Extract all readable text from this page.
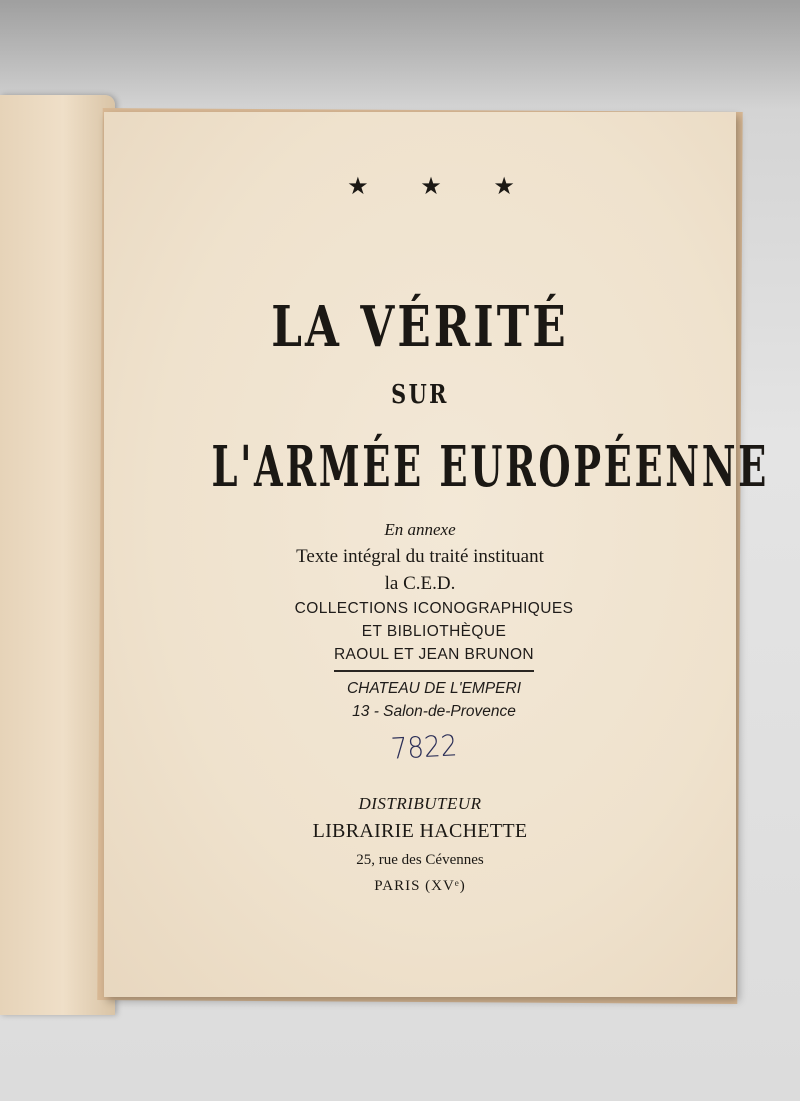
★ ★ ★
LA VÉRITÉ
SUR
L'ARMÉE EUROPÉENNE
En annexe
Texte intégral du traité instituant
la C.E.D.
COLLECTIONS ICONOGRAPHIQUES
ET BIBLIOTHÈQUE
RAOUL ET JEAN BRUNON
CHATEAU DE L'EMPERI
13 - Salon-de-Provence
7822
DISTRIBUTEUR
LIBRAIRIE HACHETTE
25, rue des Cévennes
PARIS (XVᵉ)
